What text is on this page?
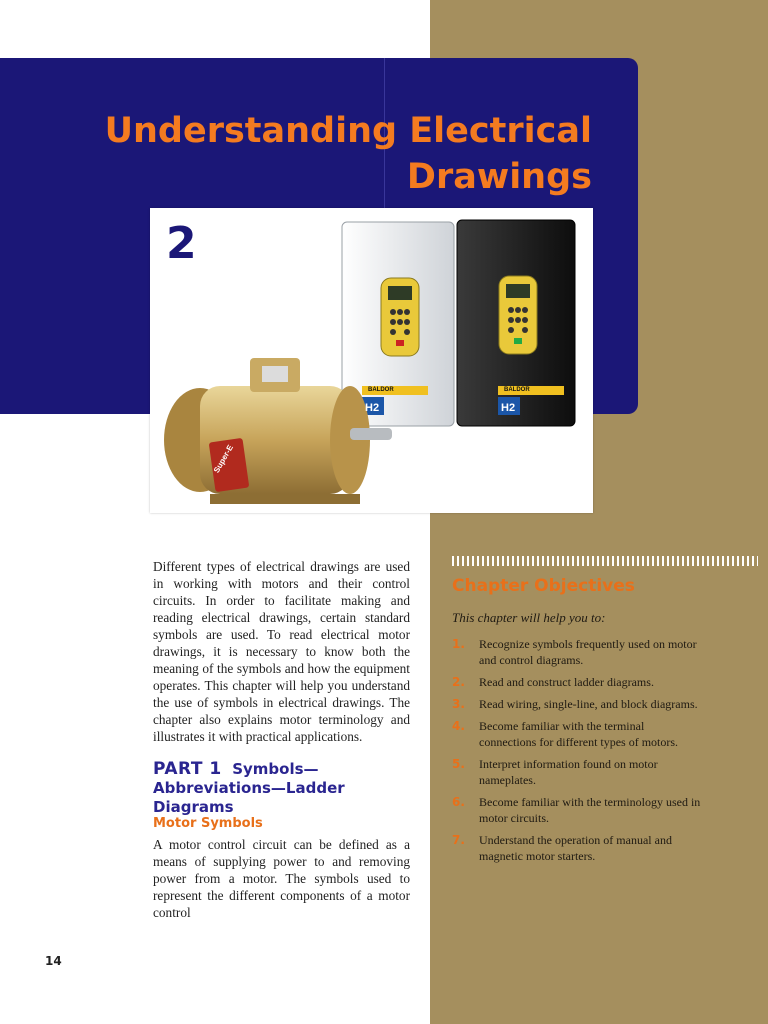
Understanding Electrical
Drawings
BALDOR	BALDOR
H2	H2
Super-E
2

Different types of electrical drawings are used in working with motors and their control circuits. In order to facilitate making and reading electrical drawings, certain standard symbols are used. To read electrical motor drawings, it is necessary to know both the meaning of the symbols and how the equipment operates. This chapter will help you understand the use of symbols in electrical drawings. The chapter also explains motor terminology and illustrates it with practical applications.

PART 1 Symbols—Abbreviations—Ladder Diagrams
Motor Symbols

A motor control circuit can be defined as a means of supplying power to and removing power from a motor. The symbols used to represent the different components of a motor control

14
Chapter Objectives

This chapter will help you to:

1.	Recognize symbols frequently used on motor and control diagrams.
2.	Read and construct ladder diagrams.
3.	Read wiring, single-line, and block diagrams.
4.	Become familiar with the terminal connections for different types of motors.
5.	Interpret information found on motor nameplates.
6.	Become familiar with the terminology used in motor circuits.
7.	Understand the operation of manual and magnetic motor starters.
